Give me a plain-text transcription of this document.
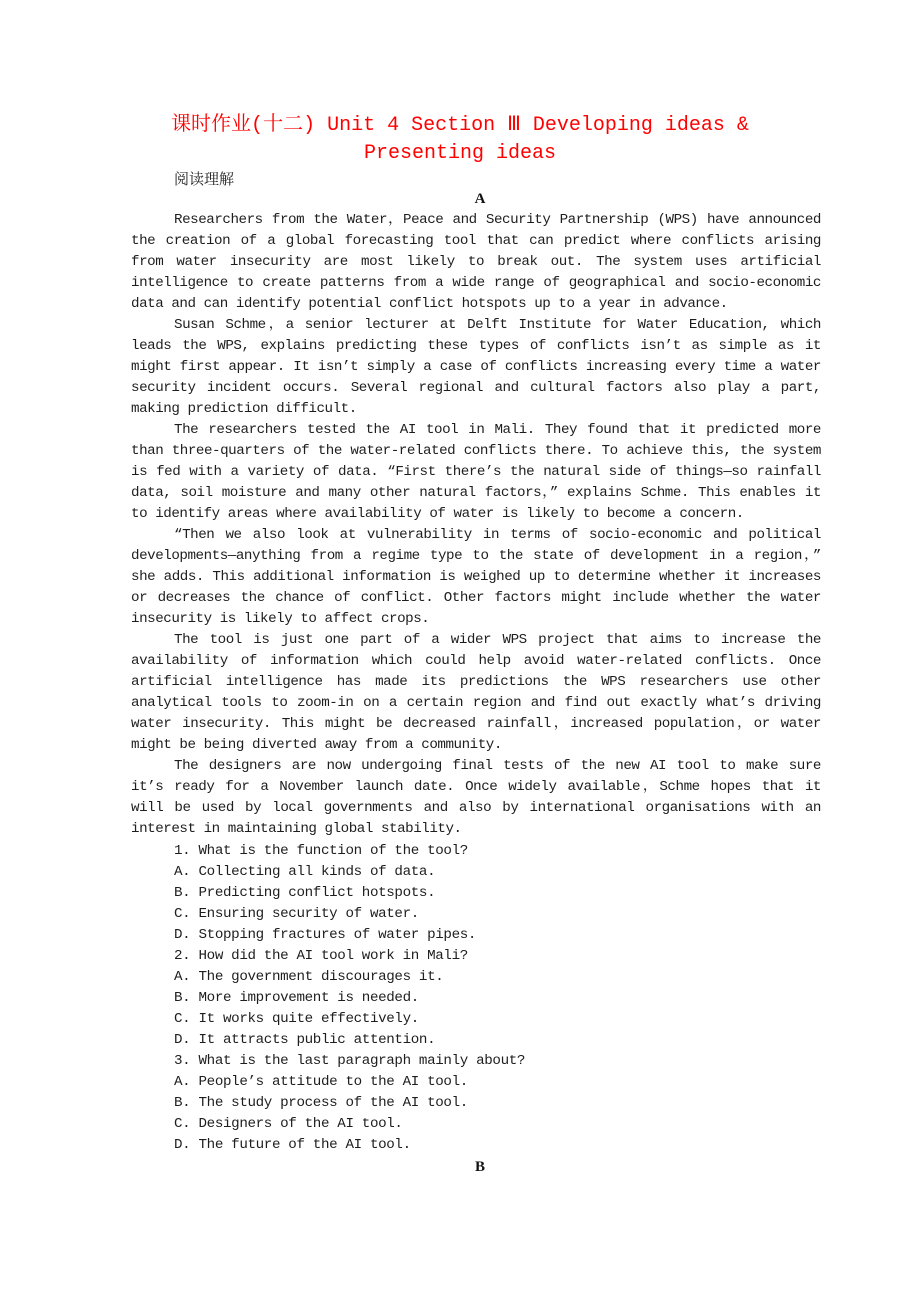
课时作业(十二) Unit 4 Section Ⅲ Developing ideas &
Presenting ideas
阅读理解
A

Researchers from the Water，Peace and Security Partnership (WPS) have announced the creation of a global forecasting tool that can predict where conflicts arising from water insecurity are most likely to break out. The system uses artificial intelligence to create patterns from a wide range of geographical and socio-economic data and can identify potential conflict hotspots up to a year in advance.

Susan Schme，a senior lecturer at Delft Institute for Water Education, which leads the WPS, explains predicting these types of conflicts isn’t as simple as it might first appear. It isn’t simply a case of conflicts increasing every time a water security incident occurs. Several regional and cultural factors also play a part, making prediction difficult.

The researchers tested the AI tool in Mali. They found that it predicted more than three-quarters of the water-related conflicts there. To achieve this, the system is fed with a variety of data. “First there’s the natural side of things—so rainfall data, soil moisture and many other natural factors，” explains Schme. This enables it to identify areas where availability of water is likely to become a concern.

“Then we also look at vulnerability in terms of socio-economic and political developments—anything from a regime type to the state of development in a region，” she adds. This additional information is weighed up to determine whether it increases or decreases the chance of conflict. Other factors might include whether the water insecurity is likely to affect crops.

The tool is just one part of a wider WPS project that aims to increase the availability of information which could help avoid water-related conflicts. Once artificial intelligence has made its predictions the WPS researchers use other analytical tools to zoom-in on a certain region and find out exactly what’s driving water insecurity. This might be decreased rainfall，increased population，or water might be being diverted away from a community.

The designers are now undergoing final tests of the new AI tool to make sure it’s ready for a November launch date. Once widely available，Schme hopes that it will be used by local governments and also by international organisations with an interest in maintaining global stability.

1. What is the function of the tool?
A. Collecting all kinds of data.
B. Predicting conflict hotspots.
C. Ensuring security of water.
D. Stopping fractures of water pipes.
2. How did the AI tool work in Mali?
A. The government discourages it.
B. More improvement is needed.
C. It works quite effectively.
D. It attracts public attention.
3. What is the last paragraph mainly about?
A. People’s attitude to the AI tool.
B. The study process of the AI tool.
C. Designers of the AI tool.
D. The future of the AI tool.
B
